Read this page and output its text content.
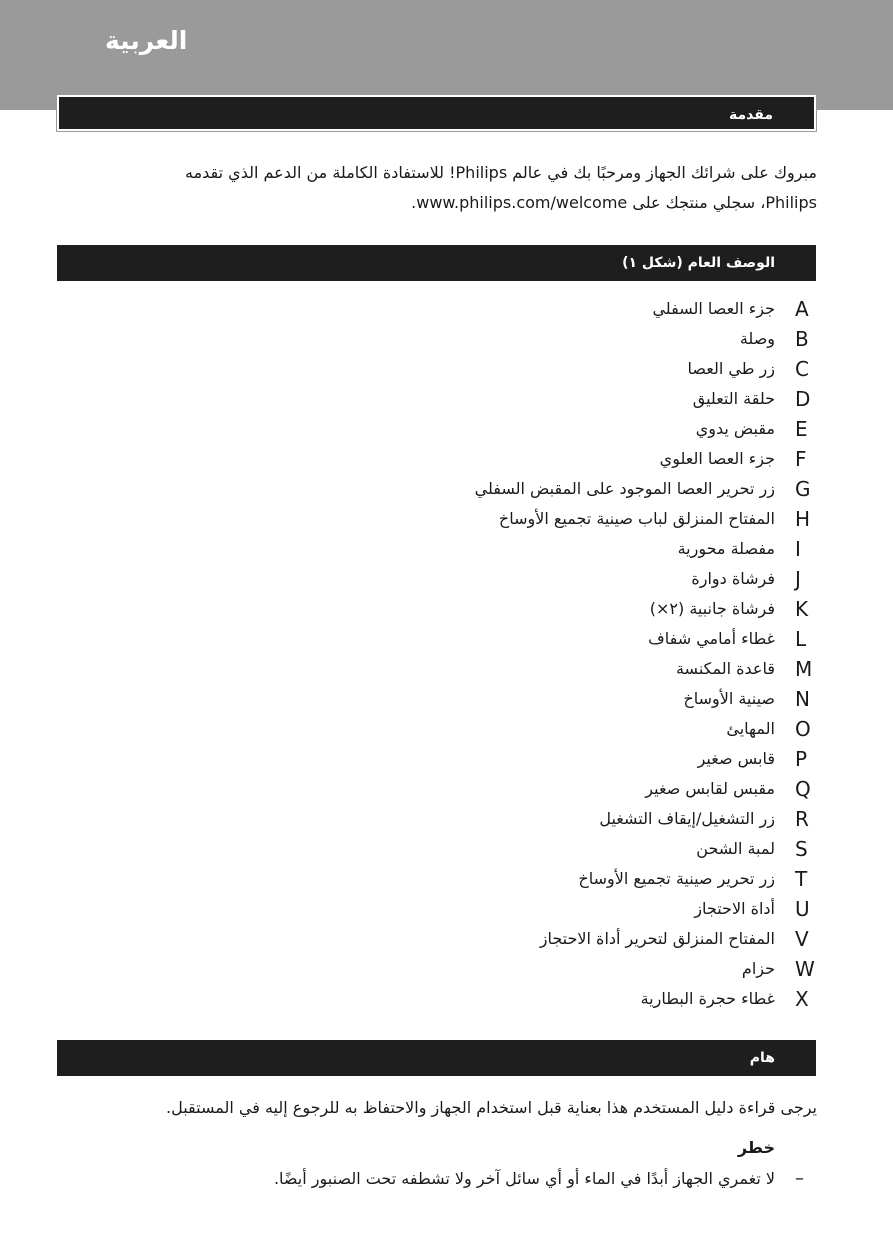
العربية
مقدمة
مبروك على شرائك الجهاز ومرحبًا بك في عالم Philips! للاستفادة الكاملة من الدعم الذي تقدمه
Philips، سجلي منتجك على www.philips.com/welcome.
الوصف العام (شكل ١)
A
جزء العصا السفلي
B
وصلة
C
زر طي العصا
D
حلقة التعليق
E
مقبض يدوي
F
جزء العصا العلوي
G
زر تحرير العصا الموجود على المقبض السفلي
H
المفتاح المنزلق لباب صينية تجميع الأوساخ
I
مفصلة محورية
J
فرشاة دوارة
K
فرشاة جانبية (٢×)
L
غطاء أمامي شفاف
M
قاعدة المكنسة
N
صينية الأوساخ
O
المهايئ
P
قابس صغير
Q
مقبس لقابس صغير
R
زر التشغيل/إيقاف التشغيل
S
لمبة الشحن
T
زر تحرير صينية تجميع الأوساخ
U
أداة الاحتجاز
V
المفتاح المنزلق لتحرير أداة الاحتجاز
W
حزام
X
غطاء حجرة البطارية
هام
يرجى قراءة دليل المستخدم هذا بعناية قبل استخدام الجهاز والاحتفاظ به للرجوع إليه في المستقبل.
خطر
–
لا تغمري الجهاز أبدًا في الماء أو أي سائل آخر ولا تشطفه تحت الصنبور أيضًا.
